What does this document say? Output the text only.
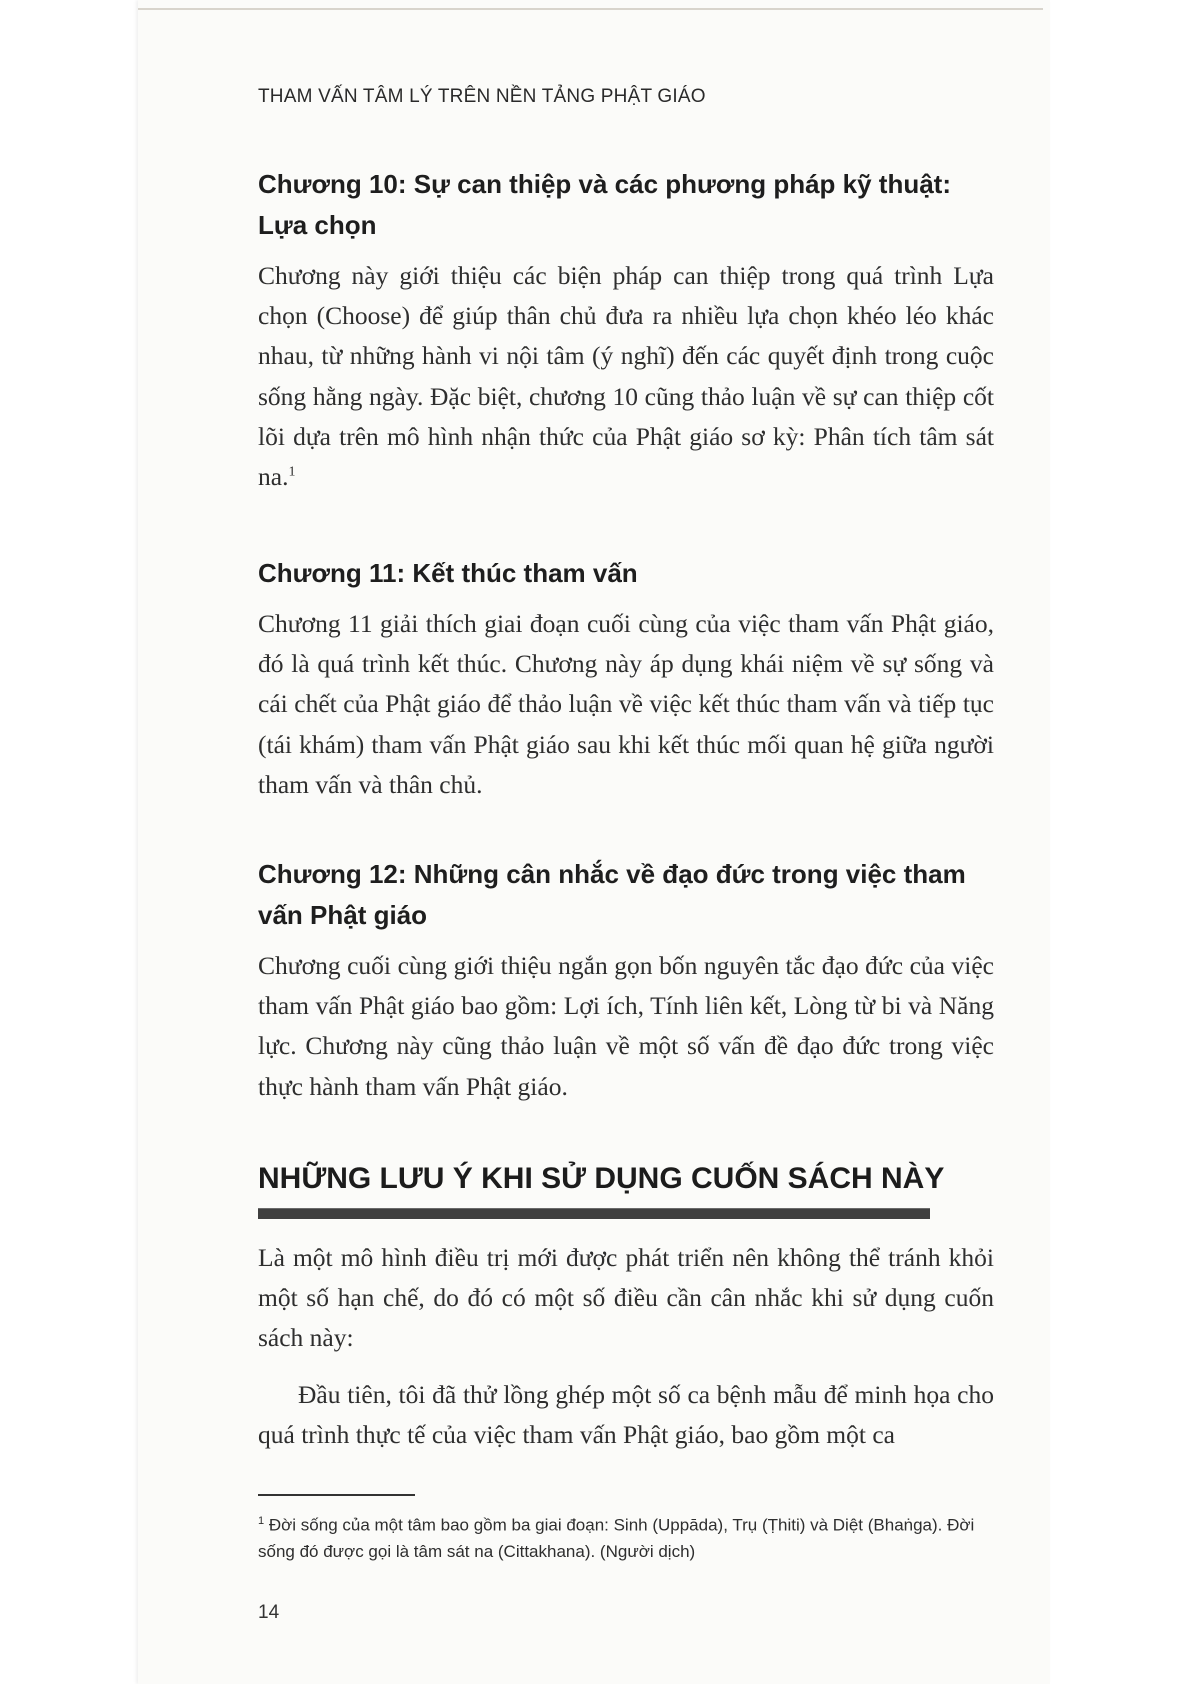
THAM VẤN TÂM LÝ TRÊN NỀN TẢNG PHẬT GIÁO
Chương 10: Sự can thiệp và các phương pháp kỹ thuật:
Lựa chọn

Chương này giới thiệu các biện pháp can thiệp trong quá trình Lựa chọn (Choose) để giúp thân chủ đưa ra nhiều lựa chọn khéo léo khác nhau, từ những hành vi nội tâm (ý nghĩ) đến các quyết định trong cuộc sống hằng ngày. Đặc biệt, chương 10 cũng thảo luận về sự can thiệp cốt lõi dựa trên mô hình nhận thức của Phật giáo sơ kỳ: Phân tích tâm sát na.$^1$

Chương 11: Kết thúc tham vấn

Chương 11 giải thích giai đoạn cuối cùng của việc tham vấn Phật giáo, đó là quá trình kết thúc. Chương này áp dụng khái niệm về sự sống và cái chết của Phật giáo để thảo luận về việc kết thúc tham vấn và tiếp tục (tái khám) tham vấn Phật giáo sau khi kết thúc mối quan hệ giữa người tham vấn và thân chủ.

Chương 12: Những cân nhắc về đạo đức trong việc tham
vấn Phật giáo

Chương cuối cùng giới thiệu ngắn gọn bốn nguyên tắc đạo đức của việc tham vấn Phật giáo bao gồm: Lợi ích, Tính liên kết, Lòng từ bi và Năng lực. Chương này cũng thảo luận về một số vấn đề đạo đức trong việc thực hành tham vấn Phật giáo.

NHỮNG LƯU Ý KHI SỬ DỤNG CUỐN SÁCH NÀY

Là một mô hình điều trị mới được phát triển nên không thể tránh khỏi một số hạn chế, do đó có một số điều cần cân nhắc khi sử dụng cuốn sách này:

Đầu tiên, tôi đã thử lồng ghép một số ca bệnh mẫu để minh họa cho quá trình thực tế của việc tham vấn Phật giáo, bao gồm một ca

$^1$ Đời sống của một tâm bao gồm ba giai đoạn: Sinh (Uppāda), Trụ (Ṭhiti) và Diệt (Bhaṅga). Đời sống đó được gọi là tâm sát na (Cittakhana). (Người dịch)

14
